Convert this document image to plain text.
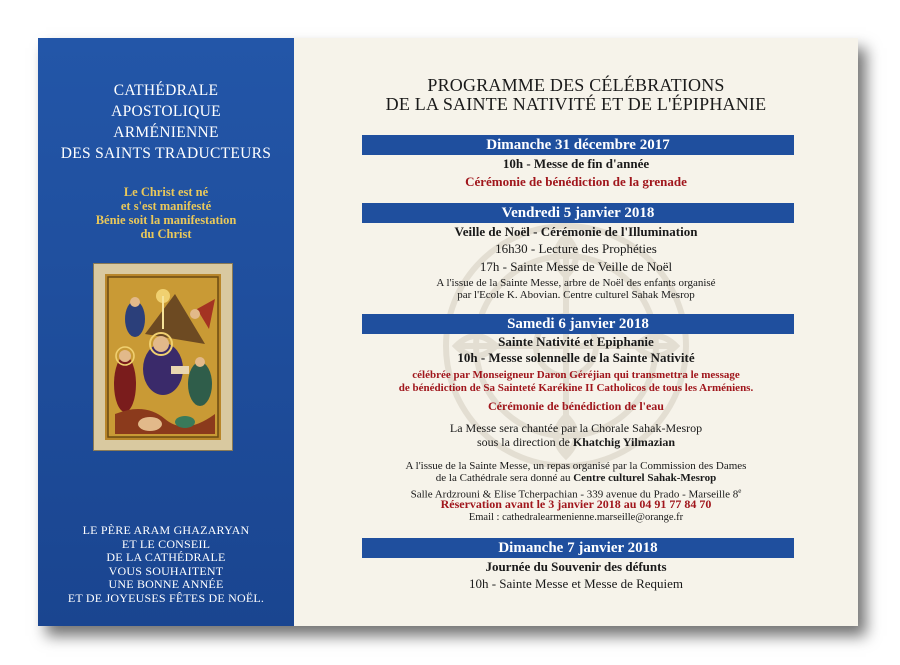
CATHÉDRALE
APOSTOLIQUE
ARMÉNIENNE
DES SAINTS TRADUCTEURS
Le Christ est né
et s'est manifesté
Bénie soit la manifestation
du Christ
LE PÈRE ARAM GHAZARYAN
ET LE CONSEIL
DE LA CATHÉDRALE
VOUS SOUHAITENT
UNE BONNE ANNÉE
ET DE JOYEUSES FÊTES DE NOËL.
PROGRAMME DES CÉLÉBRATIONS
DE LA SAINTE NATIVITÉ ET DE L'ÉPIPHANIE
Dimanche 31 décembre 2017
10h - Messe de fin d'année
Cérémonie de bénédiction de la grenade
Vendredi 5 janvier 2018
Veille de Noël - Cérémonie de l'Illumination
16h30 - Lecture des Prophéties
17h - Sainte Messe de Veille de Noël
A l'issue de la Sainte Messe, arbre de Noël des enfants organisé
par l'Ecole K. Abovian. Centre culturel Sahak Mesrop
Samedi 6 janvier 2018
Sainte Nativité et Epiphanie
10h - Messe solennelle de la Sainte Nativité
célébrée par Monseigneur Daron Géréjian qui transmettra le message
de bénédiction de Sa Sainteté Karékine II Catholicos de tous les Arméniens.
Cérémonie de bénédiction de l'eau
La Messe sera chantée par la Chorale Sahak-Mesrop
sous la direction de Khatchig Yilmazian
A l'issue de la Sainte Messe, un repas organisé par la Commission des Dames
de la Cathédrale sera donné au Centre culturel Sahak-Mesrop
Salle Ardzrouni & Elise Tcherpachian - 339 avenue du Prado - Marseille 8e
Réservation avant le 3 janvier 2018 au 04 91 77 84 70
Email : cathedralearmenienne.marseille@orange.fr
Dimanche 7 janvier 2018
Journée du Souvenir des défunts
10h - Sainte Messe et Messe de Requiem
